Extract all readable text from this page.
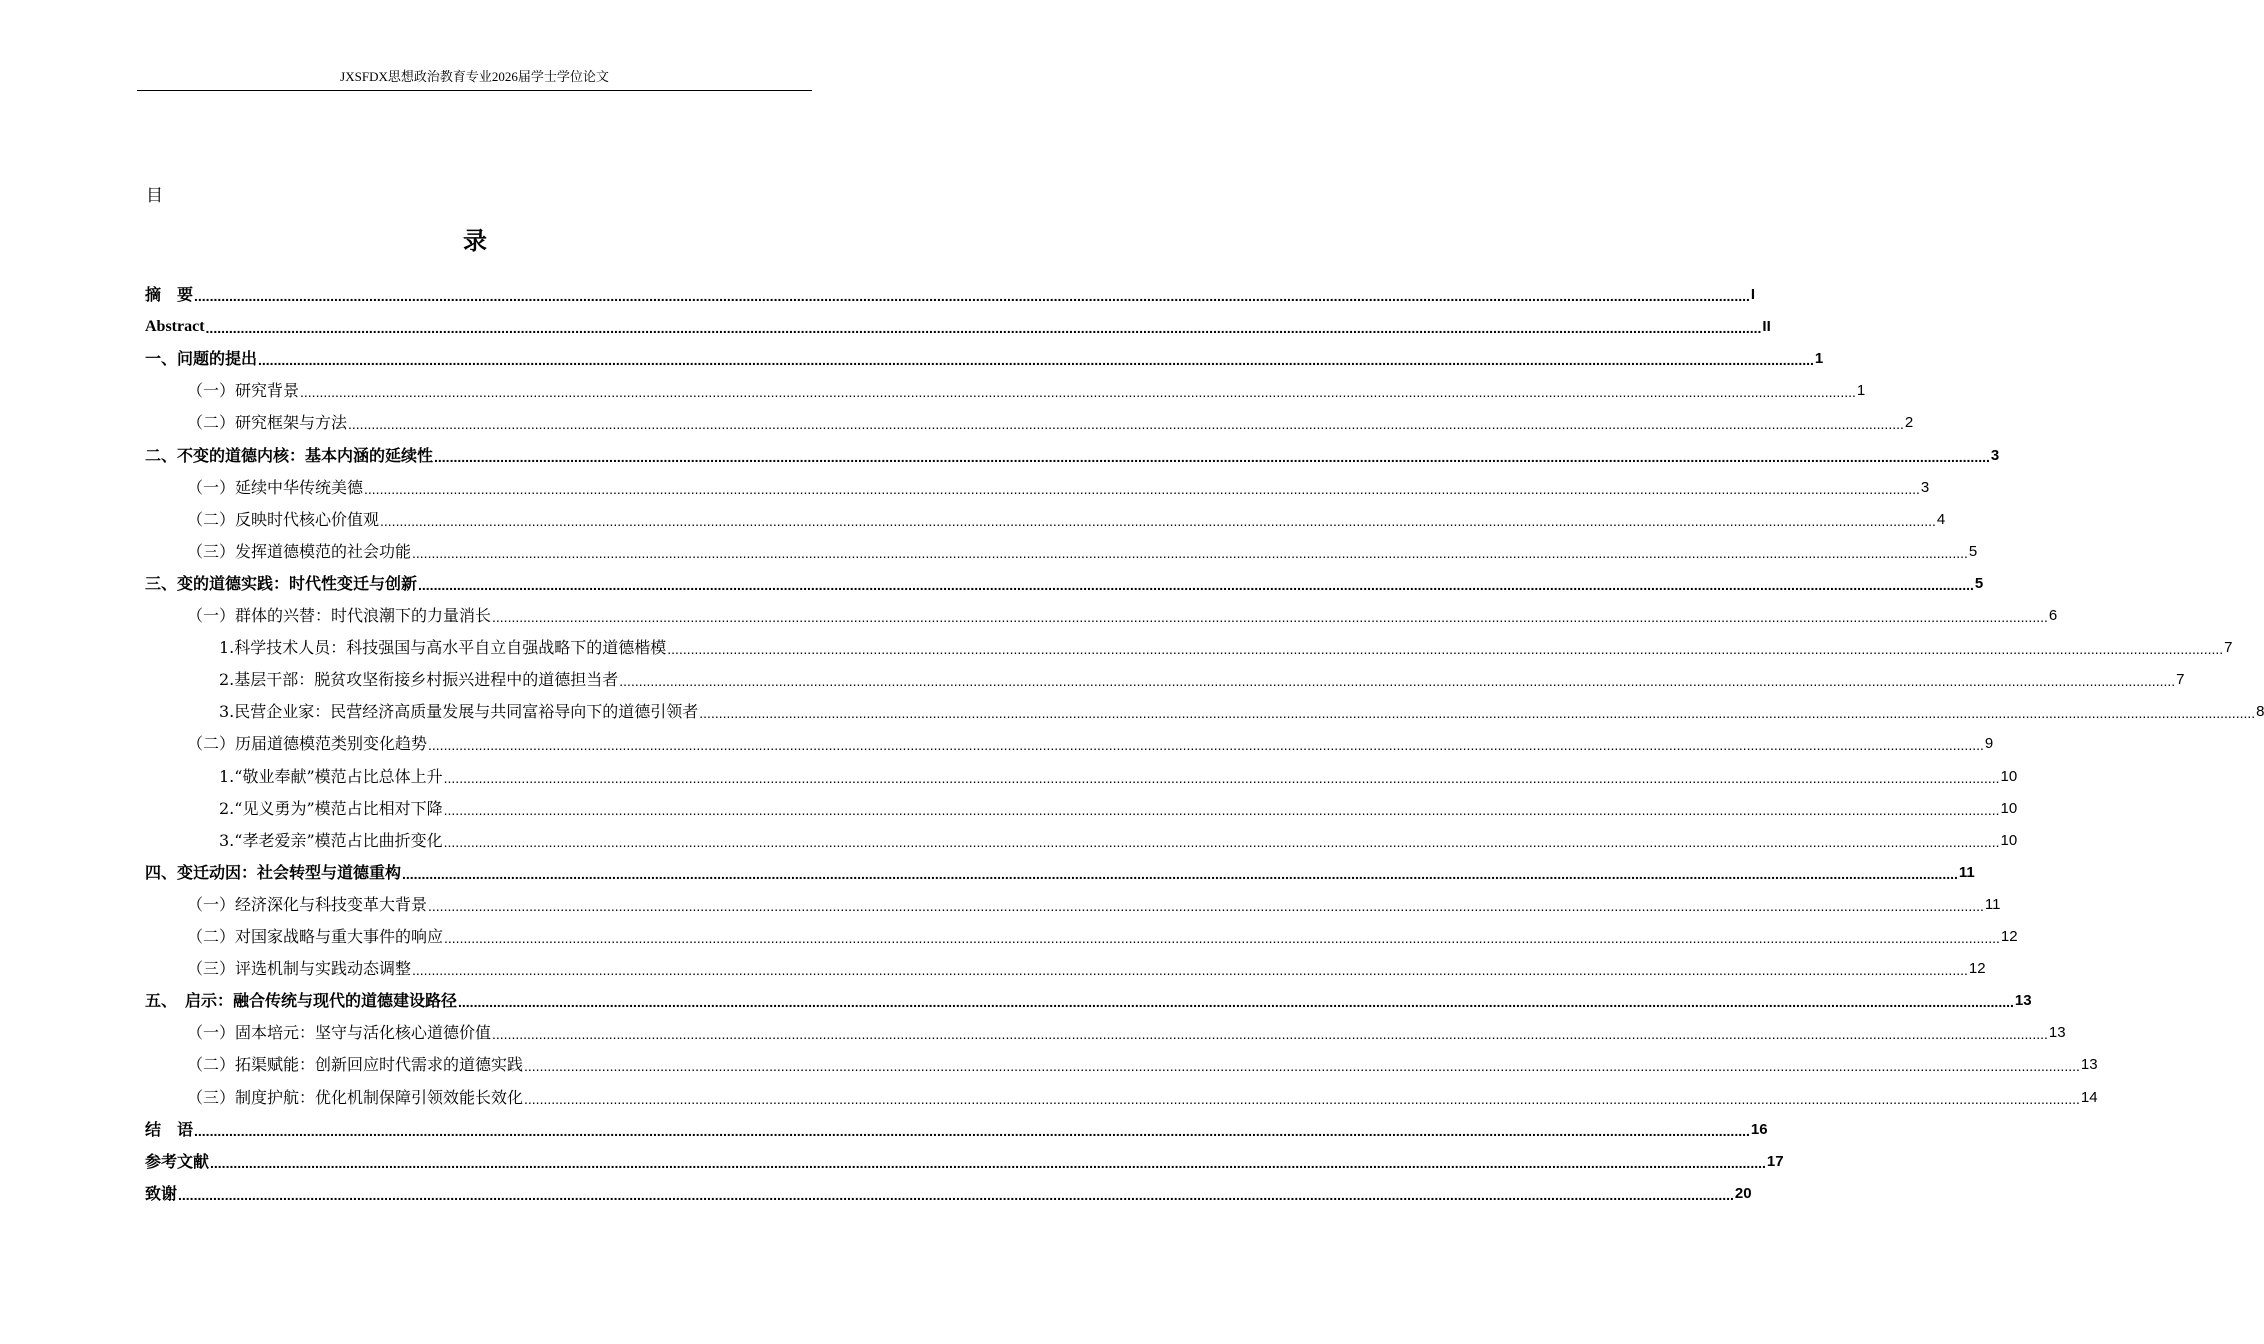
JXSFDX思想政治教育专业2026届学士学位论文
目
录
摘　要 ................................................................................................................................................................................................................................................................................................................................................................................................................ I
Abstract ................................................................................................................................................................................................................................................................................................................................................................................................................ II
一、问题的提出 ................................................................................................................................................................................................................................................................................................................................................................................................................ 1
（一）研究背景 ................................................................................................................................................................................................................................................................................................................................................................................................................ 1
（二）研究框架与方法 ................................................................................................................................................................................................................................................................................................................................................................................................................ 2
二、不变的道德内核：基本内涵的延续性 ................................................................................................................................................................................................................................................................................................................................................................................................................ 3
（一）延续中华传统美德 ................................................................................................................................................................................................................................................................................................................................................................................................................ 3
（二）反映时代核心价值观 ................................................................................................................................................................................................................................................................................................................................................................................................................ 4
（三）发挥道德模范的社会功能 ................................................................................................................................................................................................................................................................................................................................................................................................................ 5
三、变的道德实践：时代性变迁与创新 ................................................................................................................................................................................................................................................................................................................................................................................................................ 5
（一）群体的兴替：时代浪潮下的力量消长 ................................................................................................................................................................................................................................................................................................................................................................................................................ 6
1.科学技术人员：科技强国与高水平自立自强战略下的道德楷模 ................................................................................................................................................................................................................................................................................................................................................................................................................ 7
2.基层干部：脱贫攻坚衔接乡村振兴进程中的道德担当者 ................................................................................................................................................................................................................................................................................................................................................................................................................ 7
3.民营企业家：民营经济高质量发展与共同富裕导向下的道德引领者 ................................................................................................................................................................................................................................................................................................................................................................................................................ 8
（二）历届道德模范类别变化趋势 ................................................................................................................................................................................................................................................................................................................................................................................................................ 9
1.“敬业奉献”模范占比总体上升 ................................................................................................................................................................................................................................................................................................................................................................................................................ 10
2.“见义勇为”模范占比相对下降 ................................................................................................................................................................................................................................................................................................................................................................................................................ 10
3.“孝老爱亲”模范占比曲折变化 ................................................................................................................................................................................................................................................................................................................................................................................................................ 10
四、变迁动因：社会转型与道德重构 ................................................................................................................................................................................................................................................................................................................................................................................................................ 11
（一）经济深化与科技变革大背景 ................................................................................................................................................................................................................................................................................................................................................................................................................ 11
（二）对国家战略与重大事件的响应 ................................................................................................................................................................................................................................................................................................................................................................................................................ 12
（三）评选机制与实践动态调整 ................................................................................................................................................................................................................................................................................................................................................................................................................ 12
五、　启示：融合传统与现代的道德建设路径 ................................................................................................................................................................................................................................................................................................................................................................................................................ 13
（一）固本培元：坚守与活化核心道德价值 ................................................................................................................................................................................................................................................................................................................................................................................................................ 13
（二）拓渠赋能：创新回应时代需求的道德实践 ................................................................................................................................................................................................................................................................................................................................................................................................................ 13
（三）制度护航：优化机制保障引领效能长效化 ................................................................................................................................................................................................................................................................................................................................................................................................................ 14
结　语 ................................................................................................................................................................................................................................................................................................................................................................................................................ 16
参考文献 ................................................................................................................................................................................................................................................................................................................................................................................................................ 17
致谢 ................................................................................................................................................................................................................................................................................................................................................................................................................ 20
